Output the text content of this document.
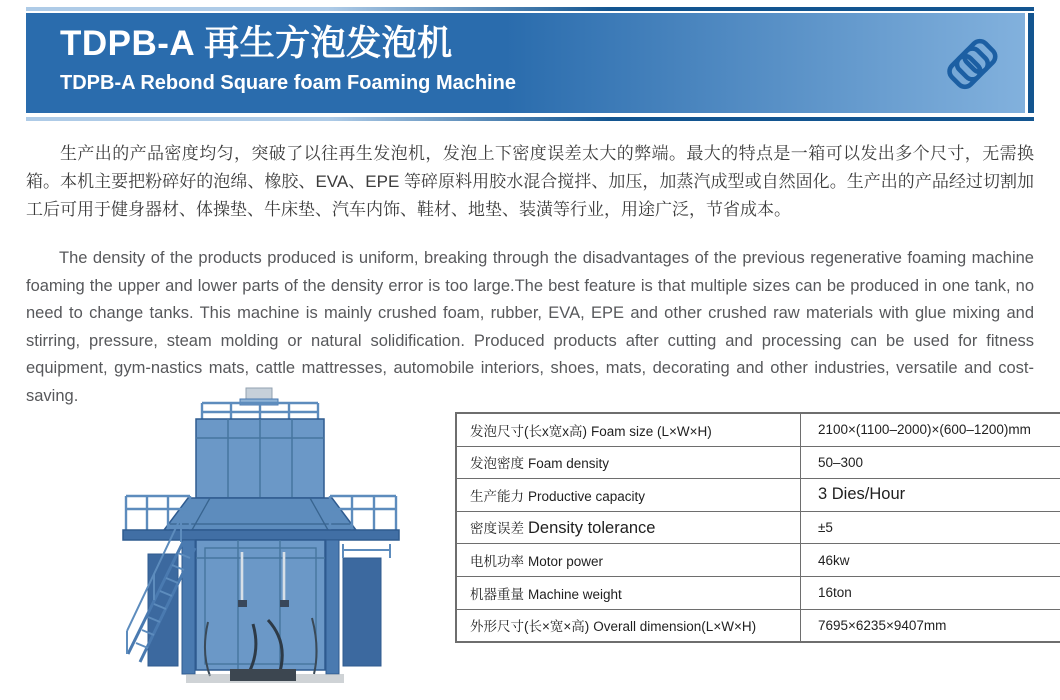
TDPB-A 再生方泡发泡机
TDPB-A Rebond Square foam Foaming Machine

生产出的产品密度均匀，突破了以往再生发泡机，发泡上下密度误差太大的弊端。最大的特点是一箱可以发出多个尺寸，无需换箱。本机主要把粉碎好的泡绵、橡胶、EVA、EPE 等碎原料用胶水混合搅拌、加压，加蒸汽成型或自然固化。生产出的产品经过切割加工后可用于健身器材、体操垫、牛床垫、汽车内饰、鞋材、地垫、装潢等行业，用途广泛，节省成本。

The density of the products produced is uniform, breaking through the disadvantages of the previous regenerative foaming machine foaming the upper and lower parts of the density error is too large.The best feature is that multiple sizes can be produced in one tank, no need to change tanks. This machine is mainly crushed foam, rubber, EVA, EPE and other crushed raw materials with glue mixing and stirring, pressure, steam molding or natural solidification. Produced products after cutting and processing can be used for fitness equipment, gym-nastics mats, cattle mattresses, automobile interiors, shoes, mats, decorating and other industries, versatile and cost-saving.

发泡尺寸(长x宽x高) Foam size (L×W×H)	2100×(1100–2000)×(600–1200)mm
发泡密度 Foam density	50–300
生产能力 Productive capacity	3 Dies/Hour
密度误差 Density tolerance	±5
电机功率 Motor power	46kw
机器重量 Machine weight	16ton
外形尺寸(长×宽×高) Overall dimension(L×W×H)	7695×6235×9407mm
